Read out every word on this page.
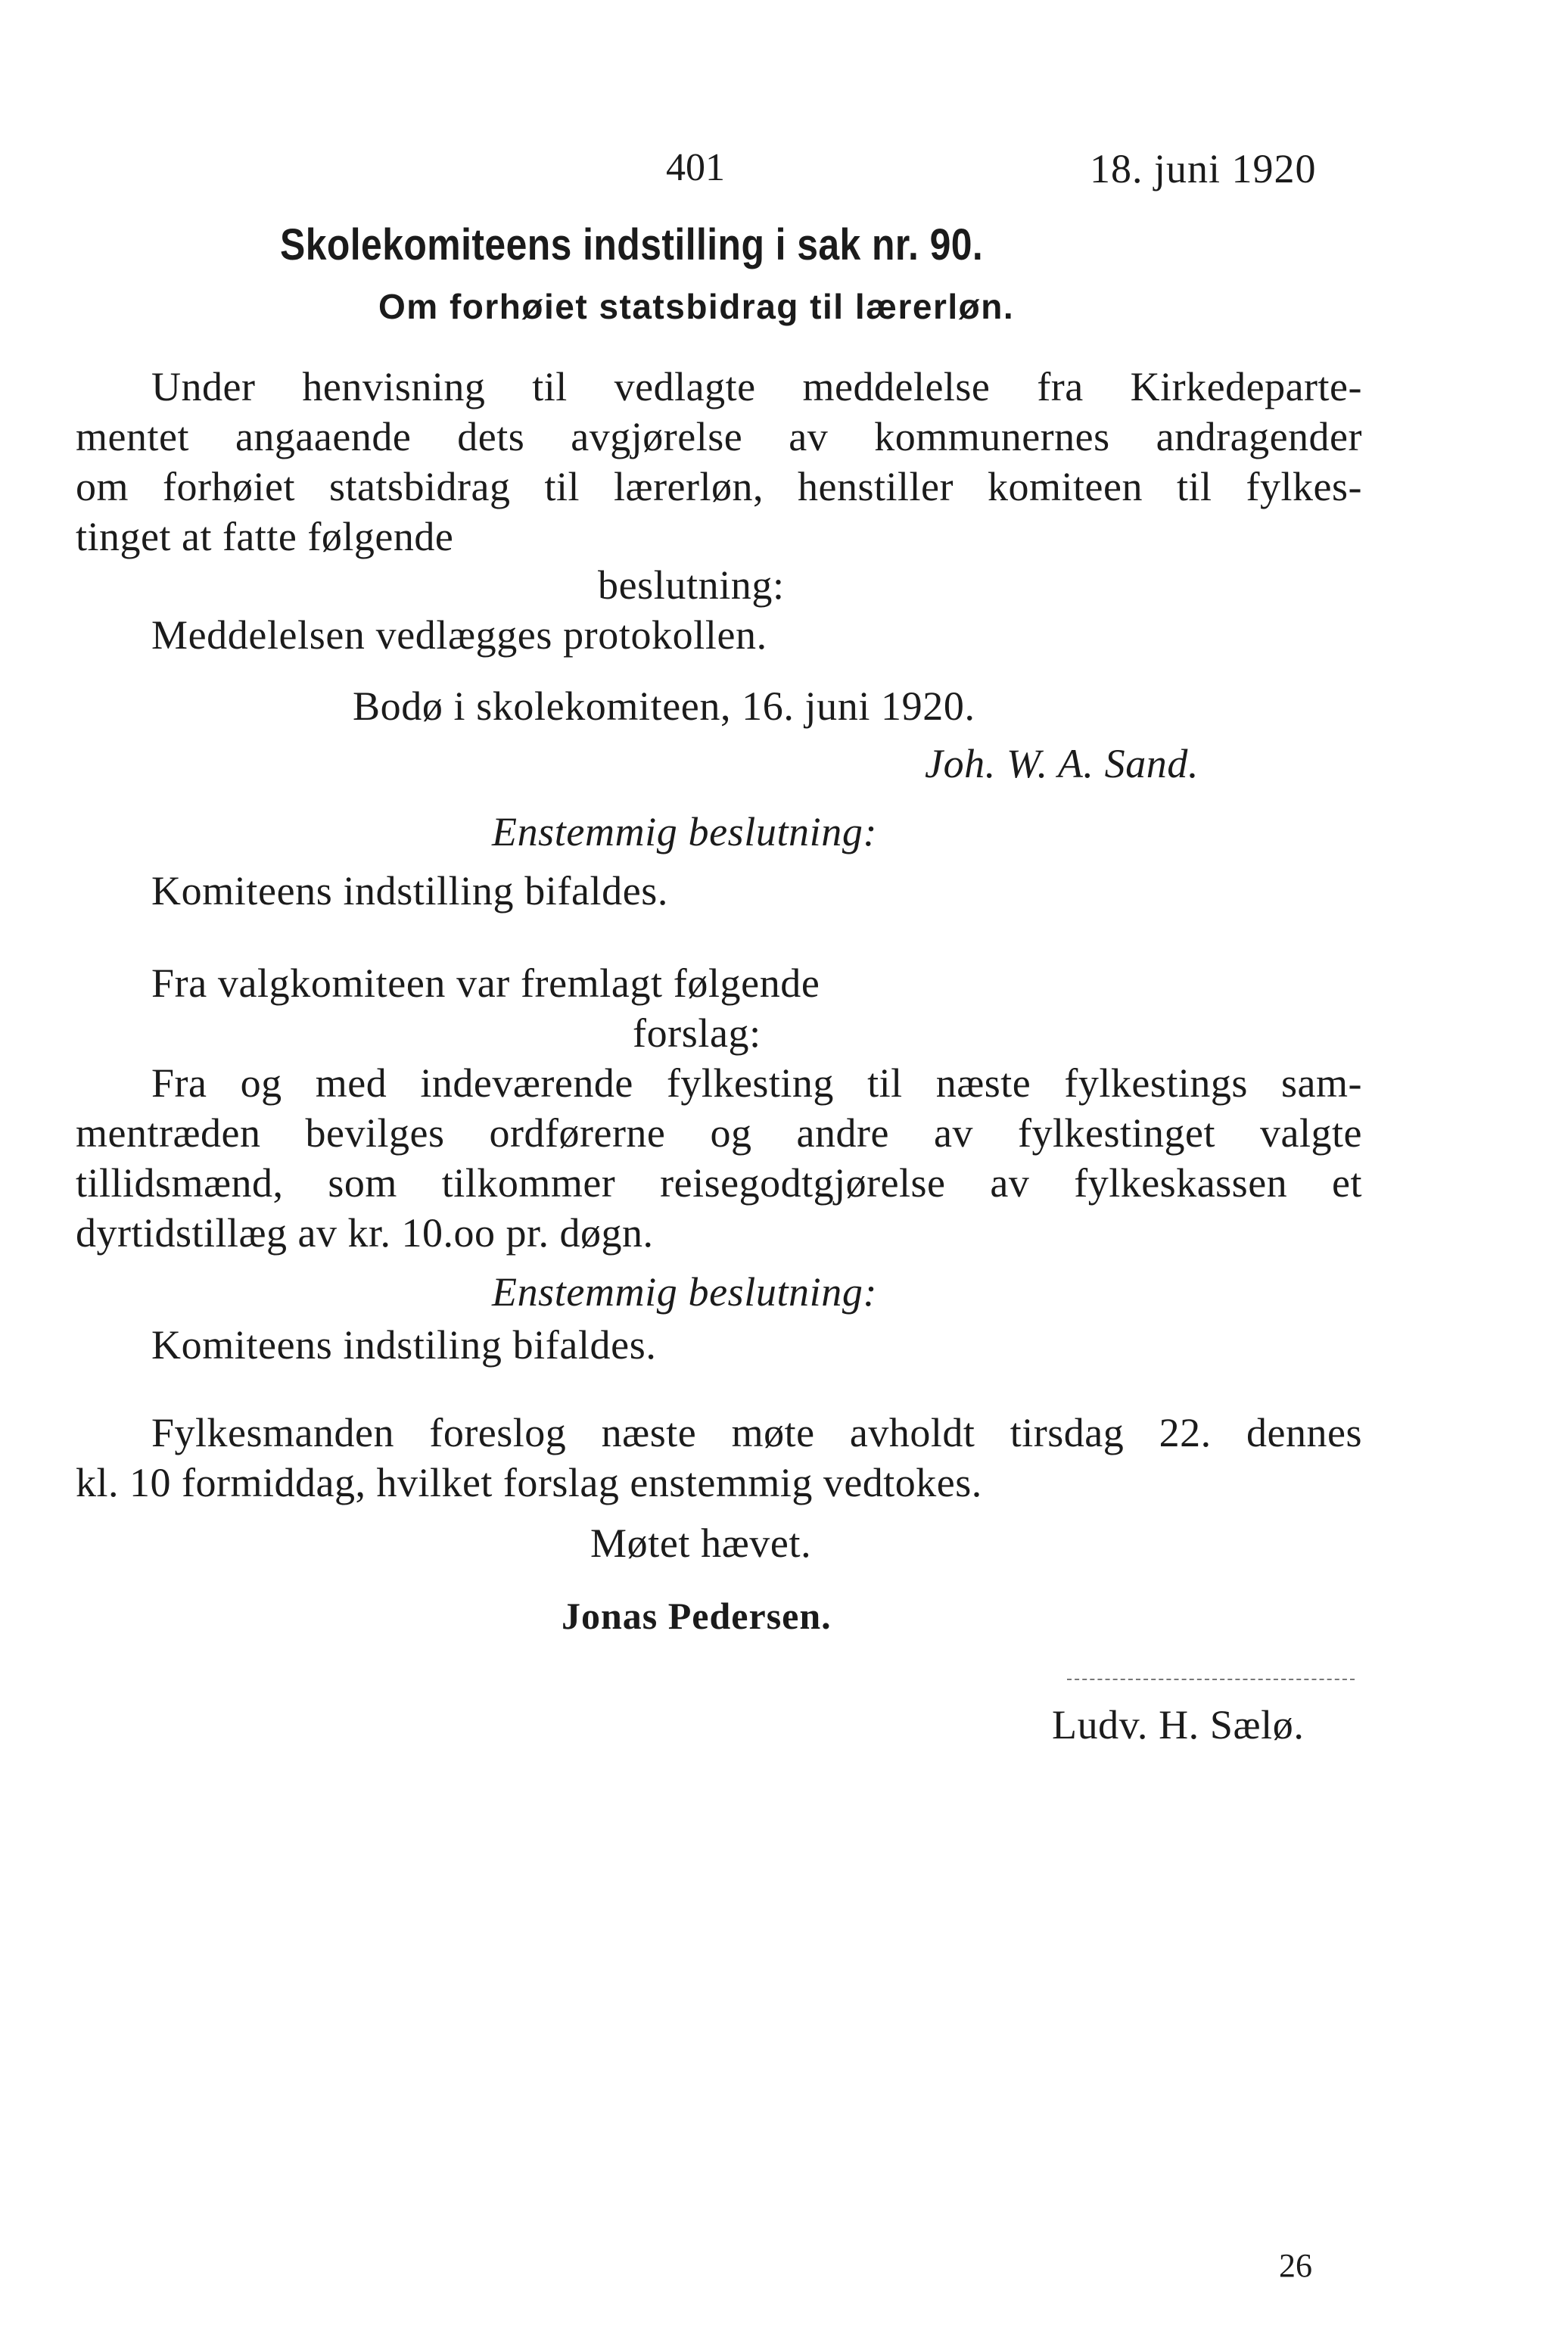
401	18. juni 1920
Skolekomiteens indstilling i sak nr. 90.
Om forhøiet statsbidrag til lærerløn.
Under henvisning til vedlagte meddelelse fra Kirkedeparte-
mentet angaaende dets avgjørelse av kommunernes andragender
om forhøiet statsbidrag til lærerløn, henstiller komiteen til fylkes-
tinget at fatte følgende
beslutning:
Meddelelsen vedlægges protokollen.
Bodø i skolekomiteen, 16. juni 1920.
Joh. W. A. Sand.
Enstemmig beslutning:
Komiteens indstilling bifaldes.
Fra valgkomiteen var fremlagt følgende
forslag:
Fra og med indeværende fylkesting til næste fylkestings sam-
mentræden bevilges ordførerne og andre av fylkestinget valgte
tillidsmænd, som tilkommer reisegodtgjørelse av fylkeskassen et
dyrtidstillæg av kr. 10.oo pr. døgn.
Enstemmig beslutning:
Komiteens indstiling bifaldes.
Fylkesmanden foreslog næste møte avholdt tirsdag 22. dennes
kl. 10 formiddag, hvilket forslag enstemmig vedtokes.
Møtet hævet.
Jonas Pedersen.
Ludv. H. Sælø.
26
